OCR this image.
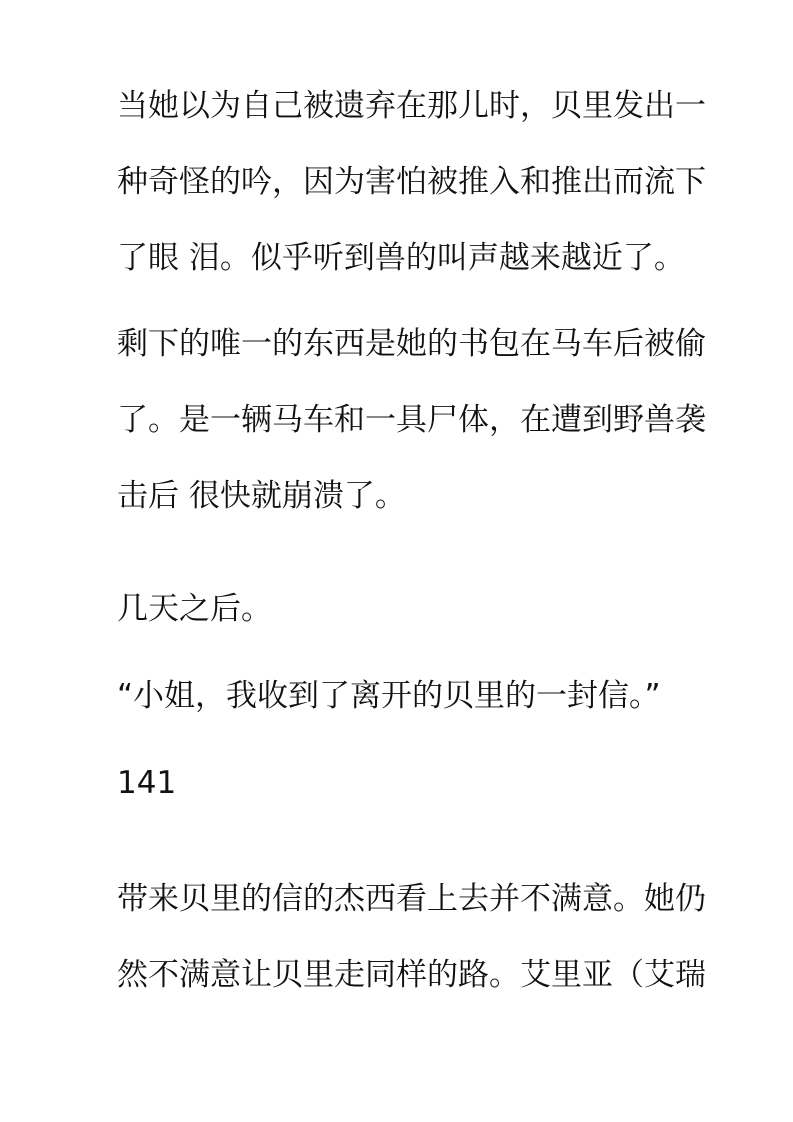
当她以为自己被遗弃在那儿时，贝里发出一
种奇怪的吟，因为害怕被推入和推出而流下
了眼 泪。似乎听到兽的叫声越来越近了。
剩下的唯一的东西是她的书包在马车后被偷
了。是一辆马车和一具尸体，在遭到野兽袭
击后 很快就崩溃了。
几天之后。
“小姐，我收到了离开的贝里的一封信。”
141
带来贝里的信的杰西看上去并不满意。她仍
然不满意让贝里走同样的路。艾里亚（艾瑞
